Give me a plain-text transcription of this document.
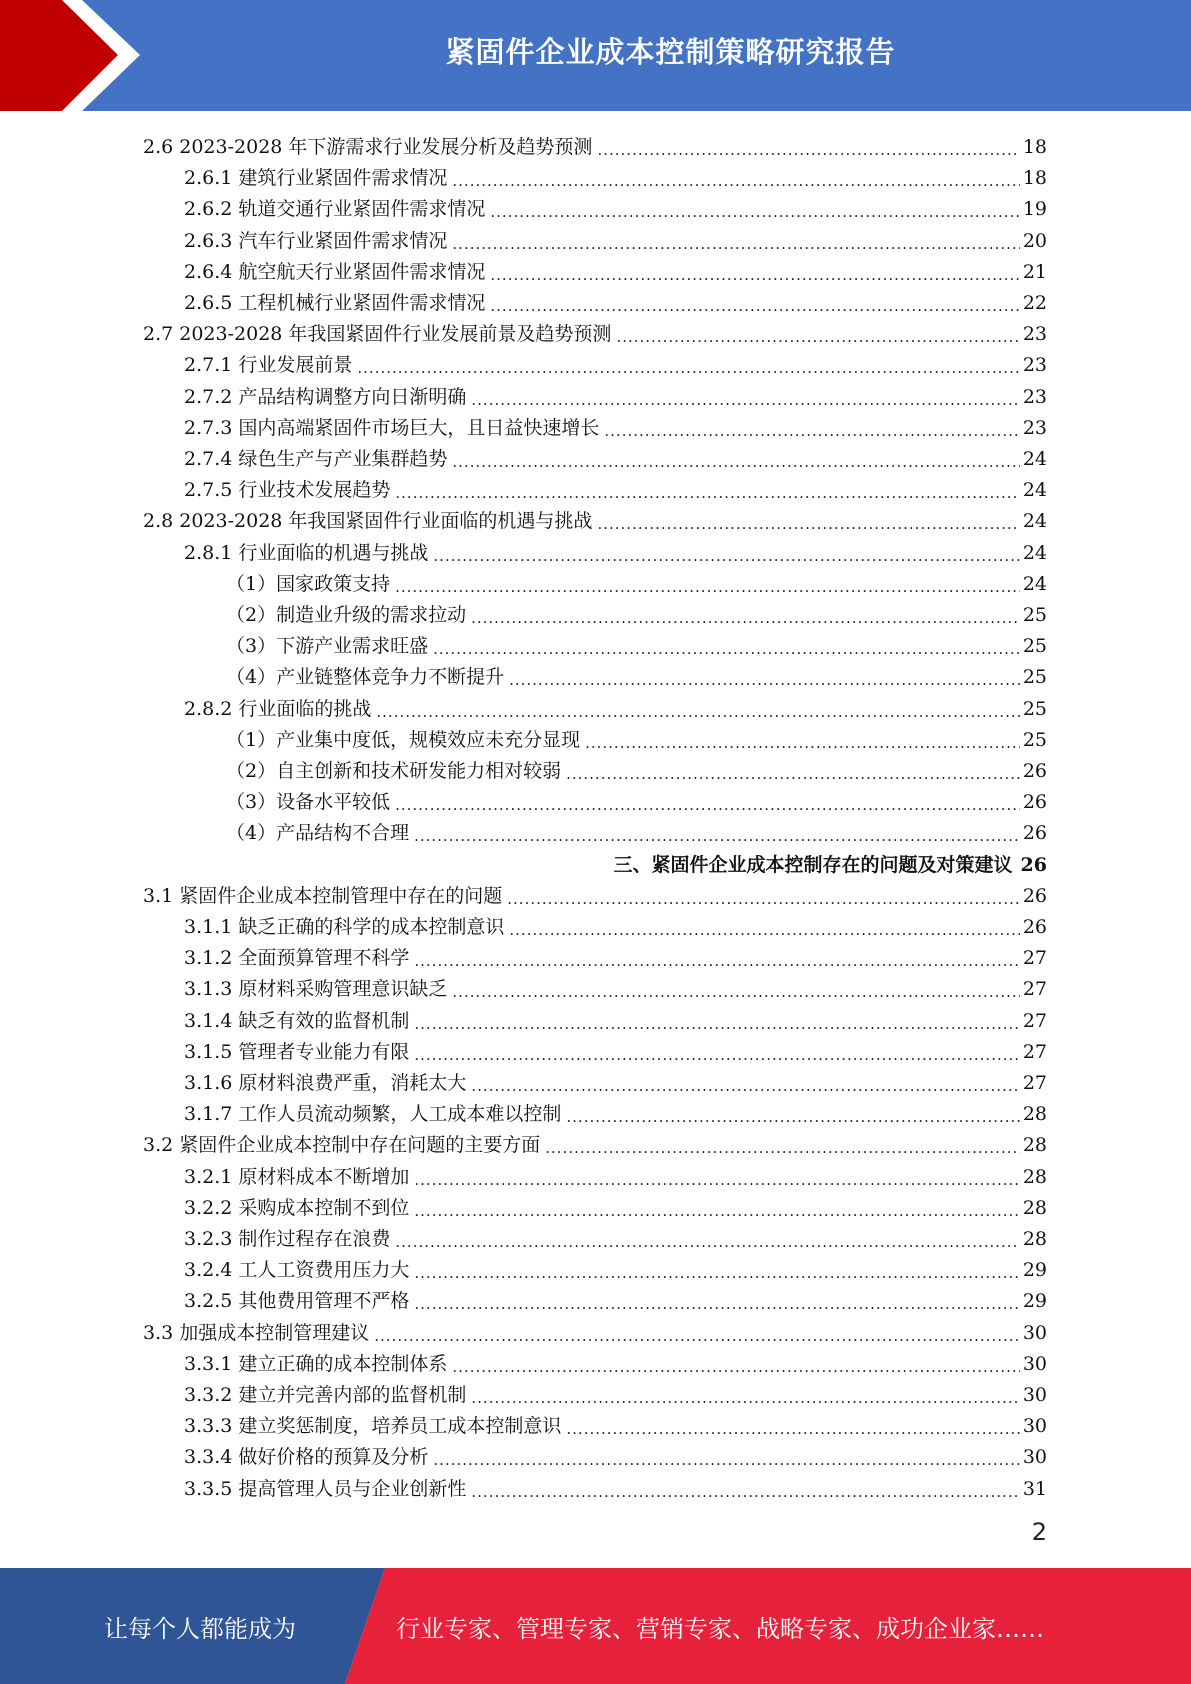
紧固件企业成本控制策略研究报告
2.6 2023-2028 年下游需求行业发展分析及趋势预测 .....	18
2.6.1 建筑行业紧固件需求情况 .....	18
2.6.2 轨道交通行业紧固件需求情况 .....	19
2.6.3 汽车行业紧固件需求情况 .....	20
2.6.4 航空航天行业紧固件需求情况 .....	21
2.6.5 工程机械行业紧固件需求情况 .....	22
2.7 2023-2028 年我国紧固件行业发展前景及趋势预测 .....	23
2.7.1 行业发展前景 .....	23
2.7.2 产品结构调整方向日渐明确 .....	23
2.7.3 国内高端紧固件市场巨大，且日益快速增长 .....	23
2.7.4 绿色生产与产业集群趋势 .....	24
2.7.5 行业技术发展趋势 .....	24
2.8 2023-2028 年我国紧固件行业面临的机遇与挑战 .....	24
2.8.1 行业面临的机遇与挑战 .....	24
（1）国家政策支持 .....	24
（2）制造业升级的需求拉动 .....	25
（3）下游产业需求旺盛 .....	25
（4）产业链整体竞争力不断提升 .....	25
2.8.2 行业面临的挑战 .....	25
（1）产业集中度低，规模效应未充分显现 .....	25
（2）自主创新和技术研发能力相对较弱 .....	26
（3）设备水平较低 .....	26
（4）产品结构不合理 .....	26
三、紧固件企业成本控制存在的问题及对策建议 26
3.1 紧固件企业成本控制管理中存在的问题 .....	26
3.1.1 缺乏正确的科学的成本控制意识 .....	26
3.1.2 全面预算管理不科学 .....	27
3.1.3 原材料采购管理意识缺乏 .....	27
3.1.4 缺乏有效的监督机制 .....	27
3.1.5 管理者专业能力有限 .....	27
3.1.6 原材料浪费严重，消耗太大 .....	27
3.1.7 工作人员流动频繁，人工成本难以控制 .....	28
3.2 紧固件企业成本控制中存在问题的主要方面 .....	28
3.2.1 原材料成本不断增加 .....	28
3.2.2 采购成本控制不到位 .....	28
3.2.3 制作过程存在浪费 .....	28
3.2.4 工人工资费用压力大 .....	29
3.2.5 其他费用管理不严格 .....	29
3.3 加强成本控制管理建议 .....	30
3.3.1 建立正确的成本控制体系 .....	30
3.3.2 建立并完善内部的监督机制 .....	30
3.3.3 建立奖惩制度，培养员工成本控制意识 .....	30
3.3.4 做好价格的预算及分析 .....	30
3.3.5 提高管理人员与企业创新性 .....	31
2
让每个人都能成为	行业专家、管理专家、营销专家、战略专家、成功企业家……
